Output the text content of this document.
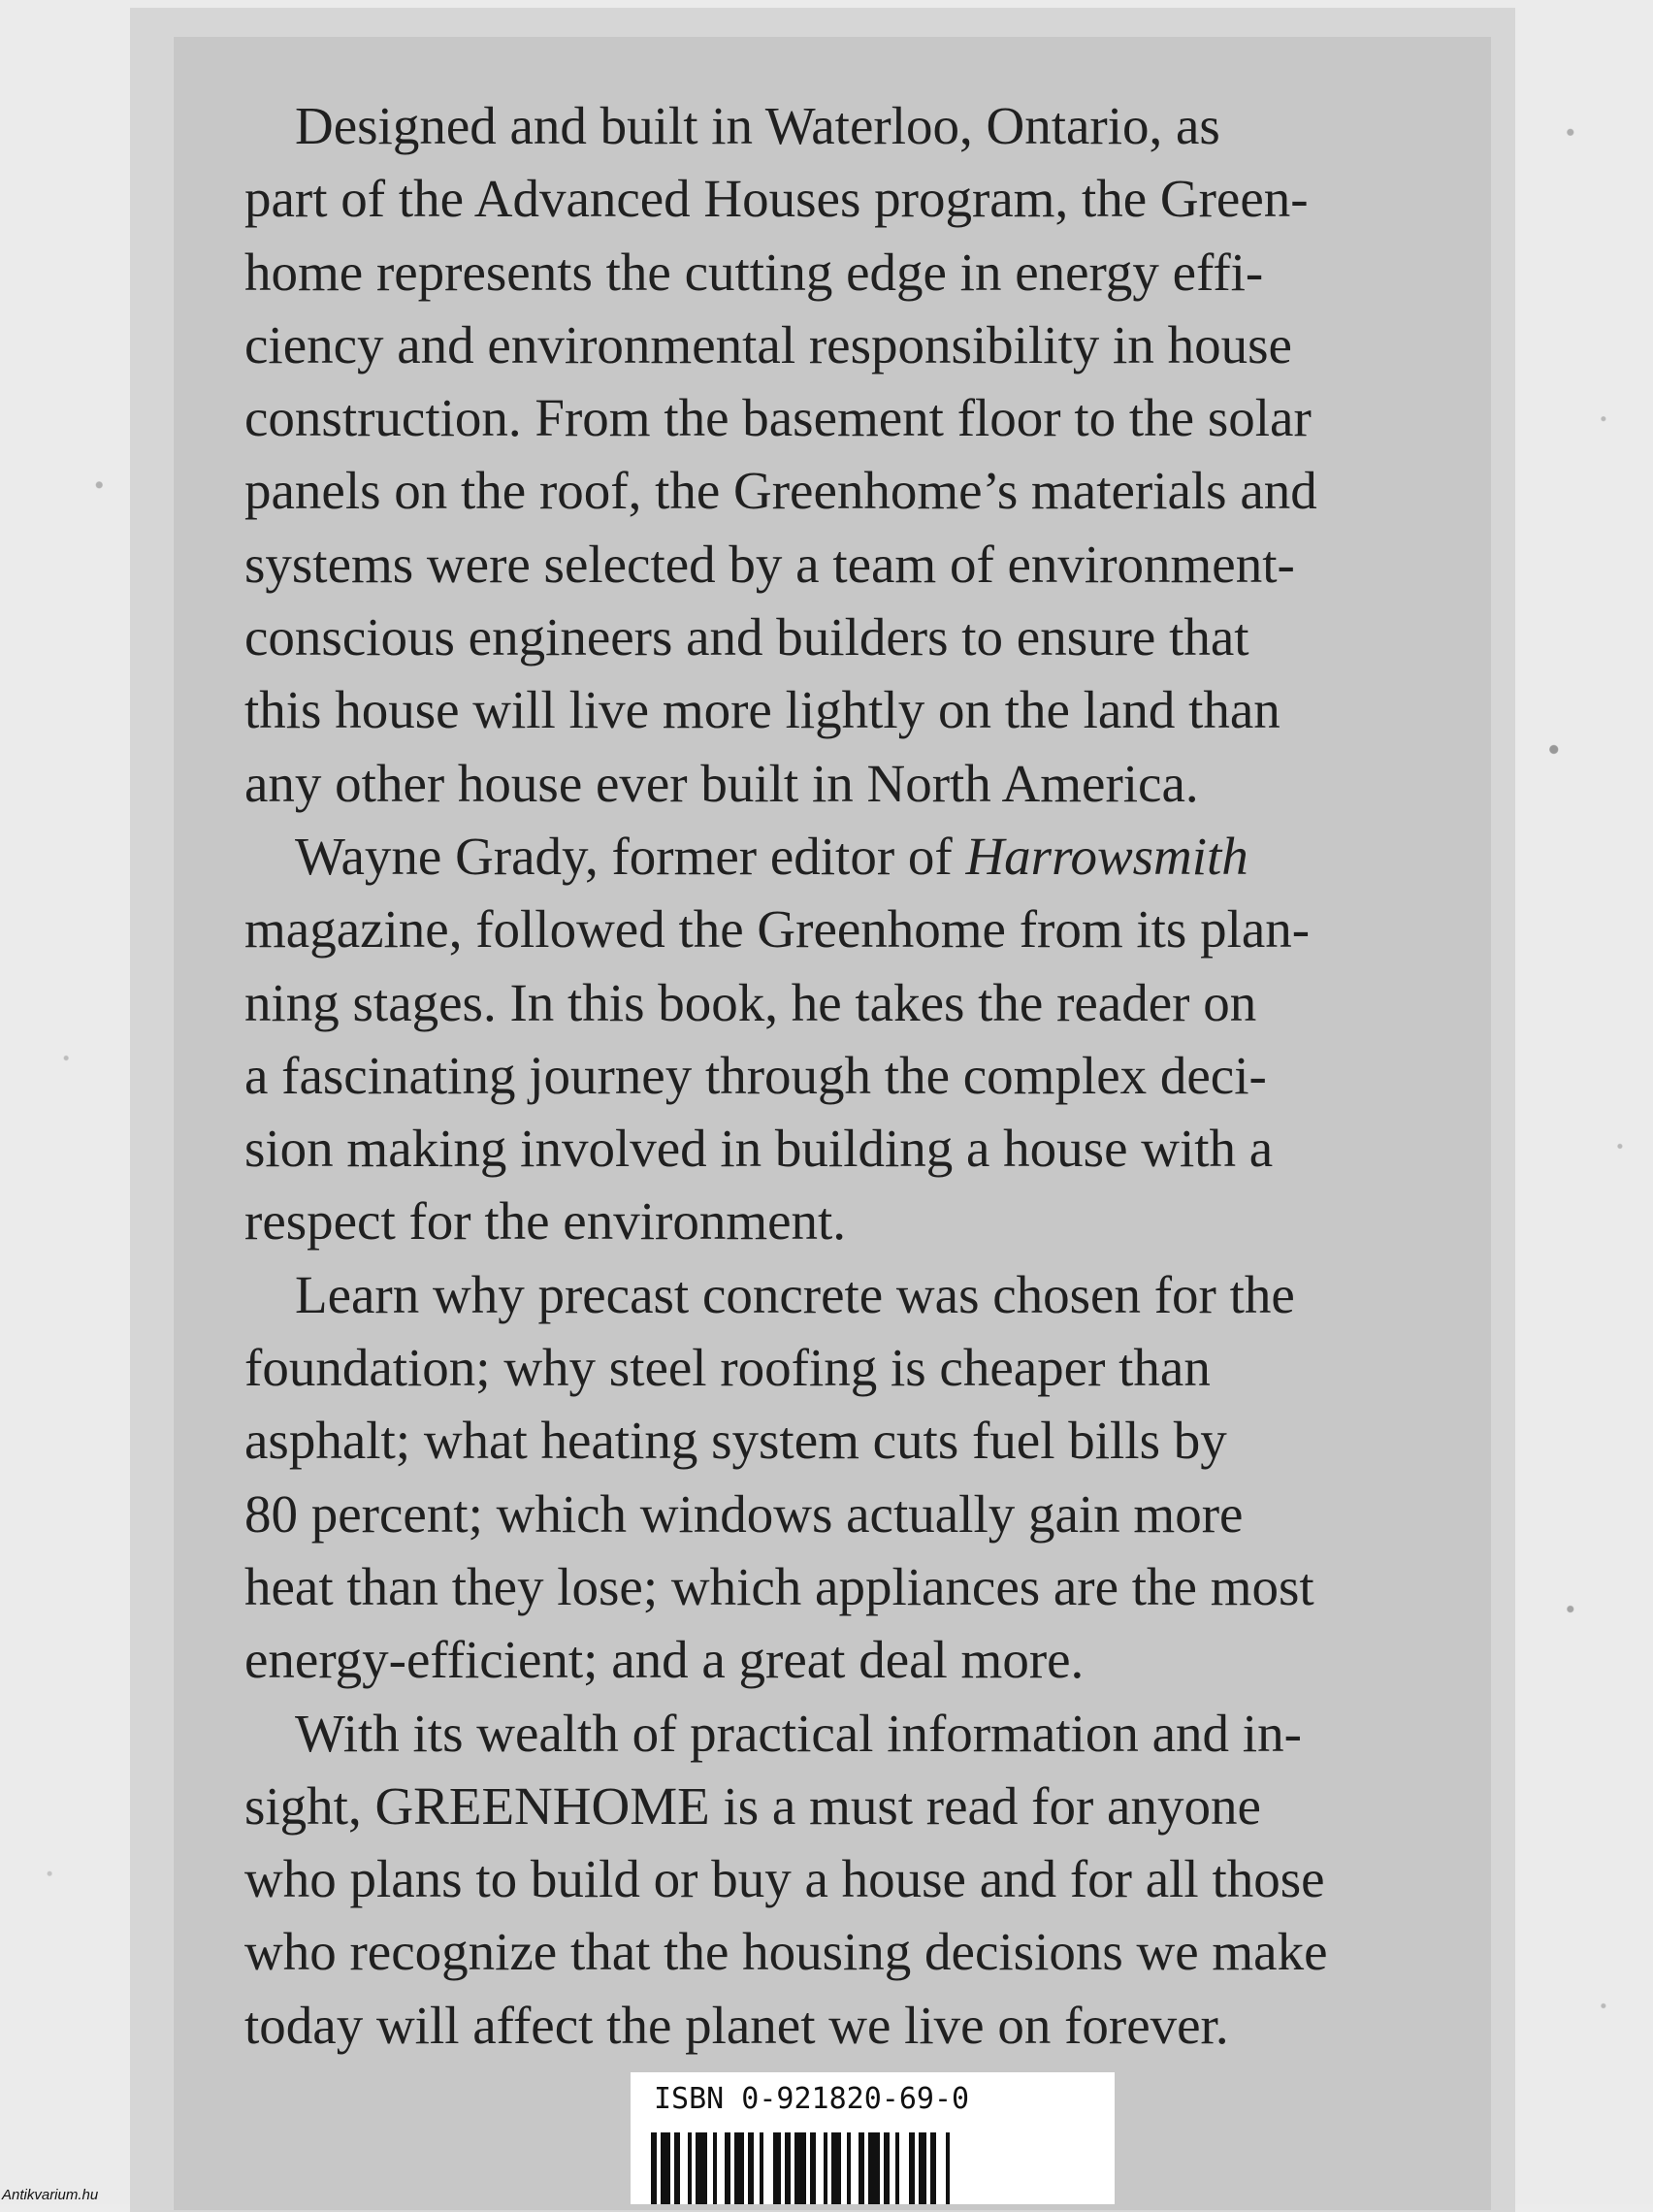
Designed and built in Waterloo, Ontario, as
part of the Advanced Houses program, the Green-
home represents the cutting edge in energy effi-
ciency and environmental responsibility in house
construction. From the basement floor to the solar
panels on the roof, the Greenhome’s materials and
systems were selected by a team of environment-
conscious engineers and builders to ensure that
this house will live more lightly on the land than
any other house ever built in North America.

Wayne Grady, former editor of Harrowsmith
magazine, followed the Greenhome from its plan-
ning stages. In this book, he takes the reader on
a fascinating journey through the complex deci-
sion making involved in building a house with a
respect for the environment.

Learn why precast concrete was chosen for the
foundation; why steel roofing is cheaper than
asphalt; what heating system cuts fuel bills by
80 percent; which windows actually gain more
heat than they lose; which appliances are the most
energy-efficient; and a great deal more.

With its wealth of practical information and in-
sight, GREENHOME is a must read for anyone
who plans to build or buy a house and for all those
who recognize that the housing decisions we make
today will affect the planet we live on forever.

ISBN 0-921820-69-0
Antikvarium.hu
